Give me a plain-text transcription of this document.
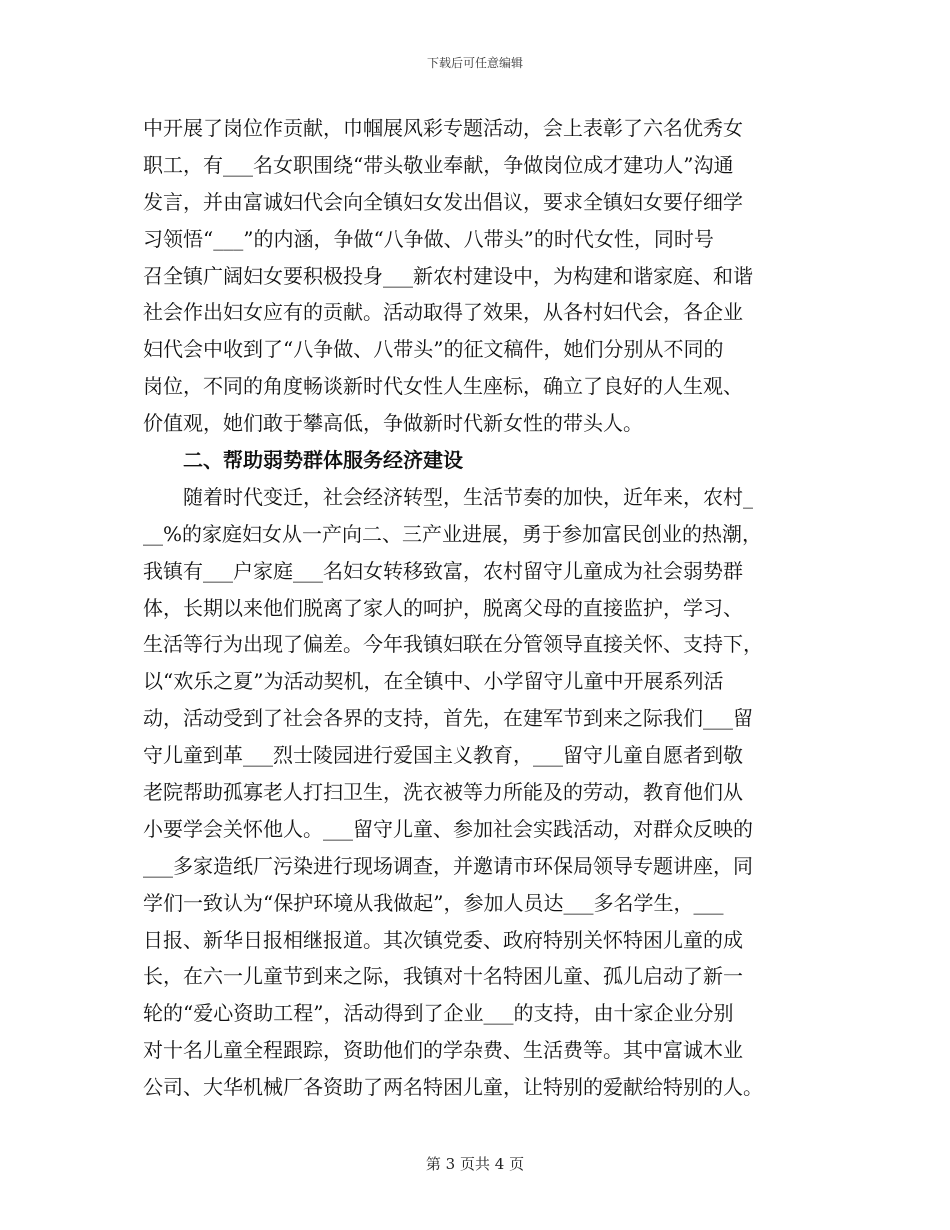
下载后可任意编辑
中开展了岗位作贡献，巾帼展风彩专题活动，会上表彰了六名优秀女
职工，有___名女职围绕“带头敬业奉献，争做岗位成才建功人”沟通
发言，并由富诚妇代会向全镇妇女发出倡议，要求全镇妇女要仔细学
习领悟“___”的内涵，争做“八争做、八带头”的时代女性，同时号
召全镇广阔妇女要积极投身___新农村建设中，为构建和谐家庭、和谐
社会作出妇女应有的贡献。活动取得了效果，从各村妇代会，各企业
妇代会中收到了“八争做、八带头”的征文稿件，她们分别从不同的
岗位，不同的角度畅谈新时代女性人生座标，确立了良好的人生观、
价值观，她们敢于攀高低，争做新时代新女性的带头人。
二、帮助弱势群体服务经济建设
随着时代变迁，社会经济转型，生活节奏的加快，近年来，农村_
__%的家庭妇女从一产向二、三产业进展，勇于参加富民创业的热潮，
我镇有___户家庭___名妇女转移致富，农村留守儿童成为社会弱势群
体，长期以来他们脱离了家人的呵护，脱离父母的直接监护，学习、
生活等行为出现了偏差。今年我镇妇联在分管领导直接关怀、支持下，
以“欢乐之夏”为活动契机，在全镇中、小学留守儿童中开展系列活
动，活动受到了社会各界的支持，首先，在建军节到来之际我们___留
守儿童到革___烈士陵园进行爱国主义教育，___留守儿童自愿者到敬
老院帮助孤寡老人打扫卫生，洗衣被等力所能及的劳动，教育他们从
小要学会关怀他人。___留守儿童、参加社会实践活动，对群众反映的
___多家造纸厂污染进行现场调查，并邀请市环保局领导专题讲座，同
学们一致认为“保护环境从我做起”，参加人员达___多名学生，___
日报、新华日报相继报道。其次镇党委、政府特别关怀特困儿童的成
长，在六一儿童节到来之际，我镇对十名特困儿童、孤儿启动了新一
轮的“爱心资助工程”，活动得到了企业___的支持，由十家企业分别
对十名儿童全程跟踪，资助他们的学杂费、生活费等。其中富诚木业
公司、大华机械厂各资助了两名特困儿童，让特别的爱献给特别的人。
第 3 页共 4 页
